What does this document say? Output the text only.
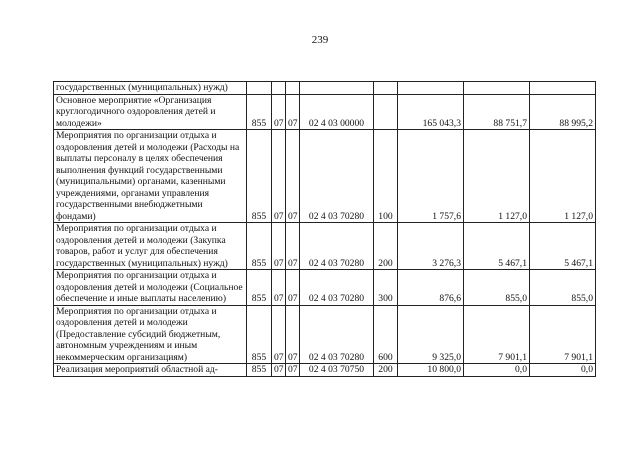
239
государственных (муниципальных) нужд)								
Основное мероприятие «Организация круглогодичного оздоровления детей и молодежи»	855	07	07	02 4 03 00000		165 043,3	88 751,7	88 995,2
Мероприятия по организации отдыха и оздоровления детей и молодежи (Расходы на выплаты персоналу в целях обеспечения выполнения функций государственными (муниципальными) органами, казенными учреждениями, органами управления государственными внебюджетными фондами)	855	07	07	02 4 03 70280	100	1 757,6	1 127,0	1 127,0
Мероприятия по организации отдыха и оздоровления детей и молодежи (Закупка товаров, работ и услуг для обеспечения государственных (муниципальных) нужд)	855	07	07	02 4 03 70280	200	3 276,3	5 467,1	5 467,1
Мероприятия по организации отдыха и оздоровления детей и молодежи (Социальное обеспечение и иные выплаты населению)	855	07	07	02 4 03 70280	300	876,6	855,0	855,0
Мероприятия по организации отдыха и оздоровления детей и молодежи (Предоставление субсидий бюджетным, автономным учреждениям и иным некоммерческим организациям)	855	07	07	02 4 03 70280	600	9 325,0	7 901,1	7 901,1
Реализация мероприятий областной ад-	855	07	07	02 4 03 70750	200	10 800,0	0,0	0,0
